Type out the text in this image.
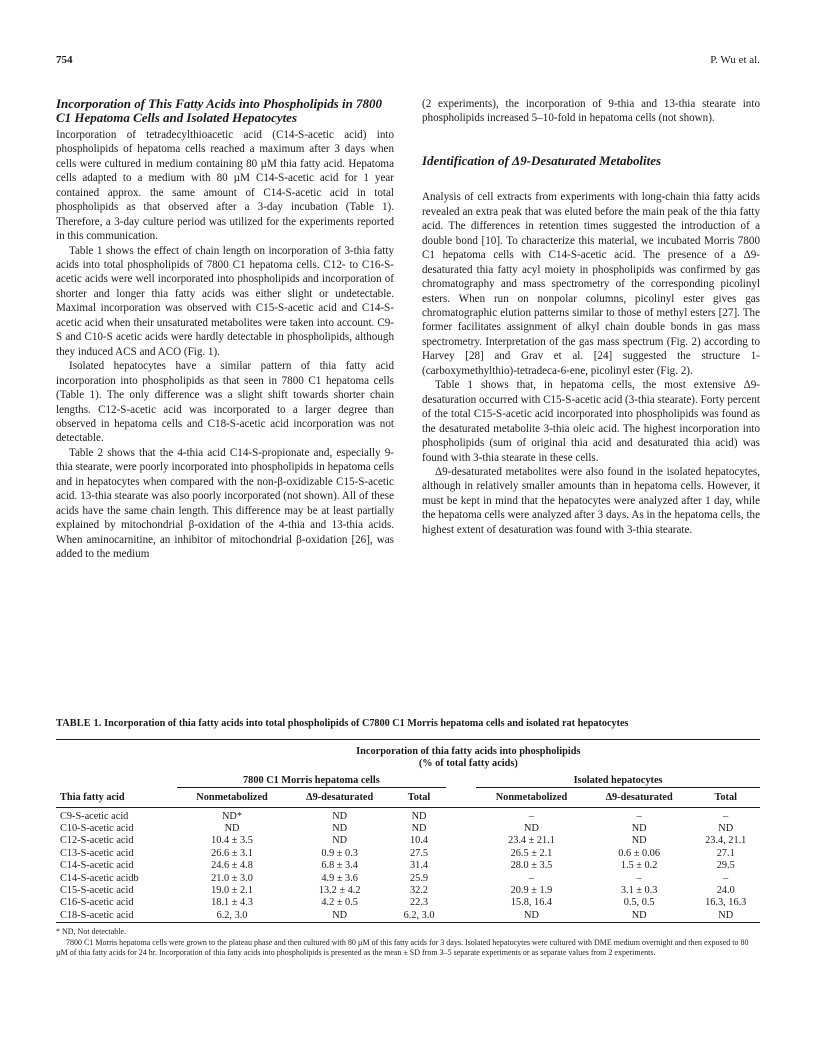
754	P. Wu et al.
Incorporation of This Fatty Acids into Phospholipids in 7800 C1 Hepatoma Cells and Isolated Hepatocytes

Incorporation of tetradecylthioacetic acid (C14-S-acetic acid) into phospholipids of hepatoma cells reached a maximum after 3 days when cells were cultured in medium containing 80 µM thia fatty acid. Hepatoma cells adapted to a medium with 80 µM C14-S-acetic acid for 1 year contained approx. the same amount of C14-S-acetic acid in total phospholipids as that observed after a 3-day incubation (Table 1). Therefore, a 3-day culture period was utilized for the experiments reported in this communication.

Table 1 shows the effect of chain length on incorporation of 3-thia fatty acids into total phospholipids of 7800 C1 hepatoma cells. C12- to C16-S-acetic acids were well incorporated into phospholipids and incorporation of shorter and longer thia fatty acids was either slight or undetectable. Maximal incorporation was observed with C15-S-acetic acid and C14-S-acetic acid when their unsaturated metabolites were taken into account. C9-S and C10-S acetic acids were hardly detectable in phospholipids, although they induced ACS and ACO (Fig. 1).

Isolated hepatocytes have a similar pattern of thia fatty acid incorporation into phospholipids as that seen in 7800 C1 hepatoma cells (Table 1). The only difference was a slight shift towards shorter chain lengths. C12-S-acetic acid was incorporated to a larger degree than observed in hepatoma cells and C18-S-acetic acid incorporation was not detectable.

Table 2 shows that the 4-thia acid C14-S-propionate and, especially 9-thia stearate, were poorly incorporated into phospholipids in hepatoma cells and in hepatocytes when compared with the non-β-oxidizable C15-S-acetic acid. 13-thia stearate was also poorly incorporated (not shown). All of these acids have the same chain length. This difference may be at least partially explained by mitochondrial β-oxidation of the 4-thia and 13-thia acids. When aminocarnitine, an inhibitor of mitochondrial β-oxidation [26], was added to the medium

(2 experiments), the incorporation of 9-thia and 13-thia stearate into phospholipids increased 5–10-fold in hepatoma cells (not shown).

Identification of Δ9-Desaturated Metabolites

Analysis of cell extracts from experiments with long-chain thia fatty acids revealed an extra peak that was eluted before the main peak of the thia fatty acid. The differences in retention times suggested the introduction of a double bond [10]. To characterize this material, we incubated Morris 7800 C1 hepatoma cells with C14-S-acetic acid. The presence of a Δ9-desaturated thia fatty acyl moiety in phospholipids was confirmed by gas chromatography and mass spectrometry of the corresponding picolinyl esters. When run on nonpolar columns, picolinyl ester gives gas chromatographic elution patterns similar to those of methyl esters [27]. The former facilitates assignment of alkyl chain double bonds in gas mass spectrometry. Interpretation of the gas mass spectrum (Fig. 2) according to Harvey [28] and Grav et al. [24] suggested the structure 1-(carboxymethylthio)-tetradeca-6-ene, picolinyl ester (Fig. 2).

Table 1 shows that, in hepatoma cells, the most extensive Δ9-desaturation occurred with C15-S-acetic acid (3-thia stearate). Forty percent of the total C15-S-acetic acid incorporated into phospholipids was found as the desaturated metabolite 3-thia oleic acid. The highest incorporation into phospholipids (sum of original thia acid and desaturated thia acid) was found with 3-thia stearate in these cells.

Δ9-desaturated metabolites were also found in the isolated hepatocytes, although in relatively smaller amounts than in hepatoma cells. However, it must be kept in mind that the hepatocytes were analyzed after 1 day, while the hepatoma cells were analyzed after 3 days. As in the hepatoma cells, the highest extent of desaturation was found with 3-thia stearate.

TABLE 1. Incorporation of thia fatty acids into total phospholipids of C7800 C1 Morris hepatoma cells and isolated rat hepatocytes

	Incorporation of thia fatty acids into phospholipids
(% of total fatty acids)						

	7800 C1 Morris hepatoma cells				Isolated hepatocytes		
Thia fatty acid	Nonmetabolized	Δ9-desaturated	Total		Nonmetabolized	Δ9-desaturated	Total
C9-S-acetic acid	ND*	ND	ND		–	–	–
C10-S-acetic acid	ND	ND	ND		ND	ND	ND
C12-S-acetic acid	10.4 ± 3.5	ND	10.4		23.4 ± 21.1	ND	23.4, 21.1
C13-S-acetic acid	26.6 ± 3.1	0.9 ± 0.3	27.5		26.5 ± 2.1	0.6 ± 0.06	27.1
C14-S-acetic acid	24.6 ± 4.8	6.8 ± 3.4	31.4		28.0 ± 3.5	1.5 ± 0.2	29.5
C14-S-acetic acidb	21.0 ± 3.0	4.9 ± 3.6	25.9		–	–	–
C15-S-acetic acid	19.0 ± 2.1	13.2 ± 4.2	32.2		20.9 ± 1.9	3.1 ± 0.3	24.0
C16-S-acetic acid	18.1 ± 4.3	4.2 ± 0.5	22.3		15.8, 16.4	0.5, 0.5	16.3, 16.3
C18-S-acetic acid	6.2, 3.0	ND	6.2, 3.0		ND	ND	ND

* ND, Not detectable.

7800 C1 Morris hepatoma cells were grown to the plateau phase and then cultured with 80 µM of this fatty acids for 3 days. Isolated hepatocytes were cultured with DME medium overnight and then exposed to 80 µM of thia fatty acids for 24 hr. Incorporation of thia fatty acids into phospholipids is presented as the mean ± SD from 3–5 separate experiments or as separate values from 2 experiments.
